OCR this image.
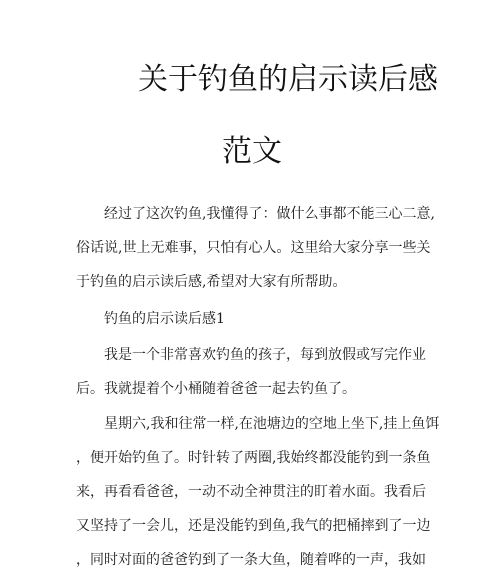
关于钓鱼的启示读后感
范文
　　经过了这次钓鱼,我懂得了：做什么事都不能三心二意,
俗话说,世上无难事，只怕有心人。这里给大家分享一些关
于钓鱼的启示读后感,希望对大家有所帮助。
　　钓鱼的启示读后感1
　　我是一个非常喜欢钓鱼的孩子，每到放假或写完作业
后。我就提着个小桶随着爸爸一起去钓鱼了。
　　星期六,我和往常一样,在池塘边的空地上坐下,挂上鱼饵
，便开始钓鱼了。时针转了两圈,我始终都没能钓到一条鱼
来，再看看爸爸，一动不动全神贯注的盯着水面。我看后
又坚持了一会儿，还是没能钓到鱼,我气的把桶摔到了一边
，同时对面的爸爸钓到了一条大鱼，随着哗的一声，我如
